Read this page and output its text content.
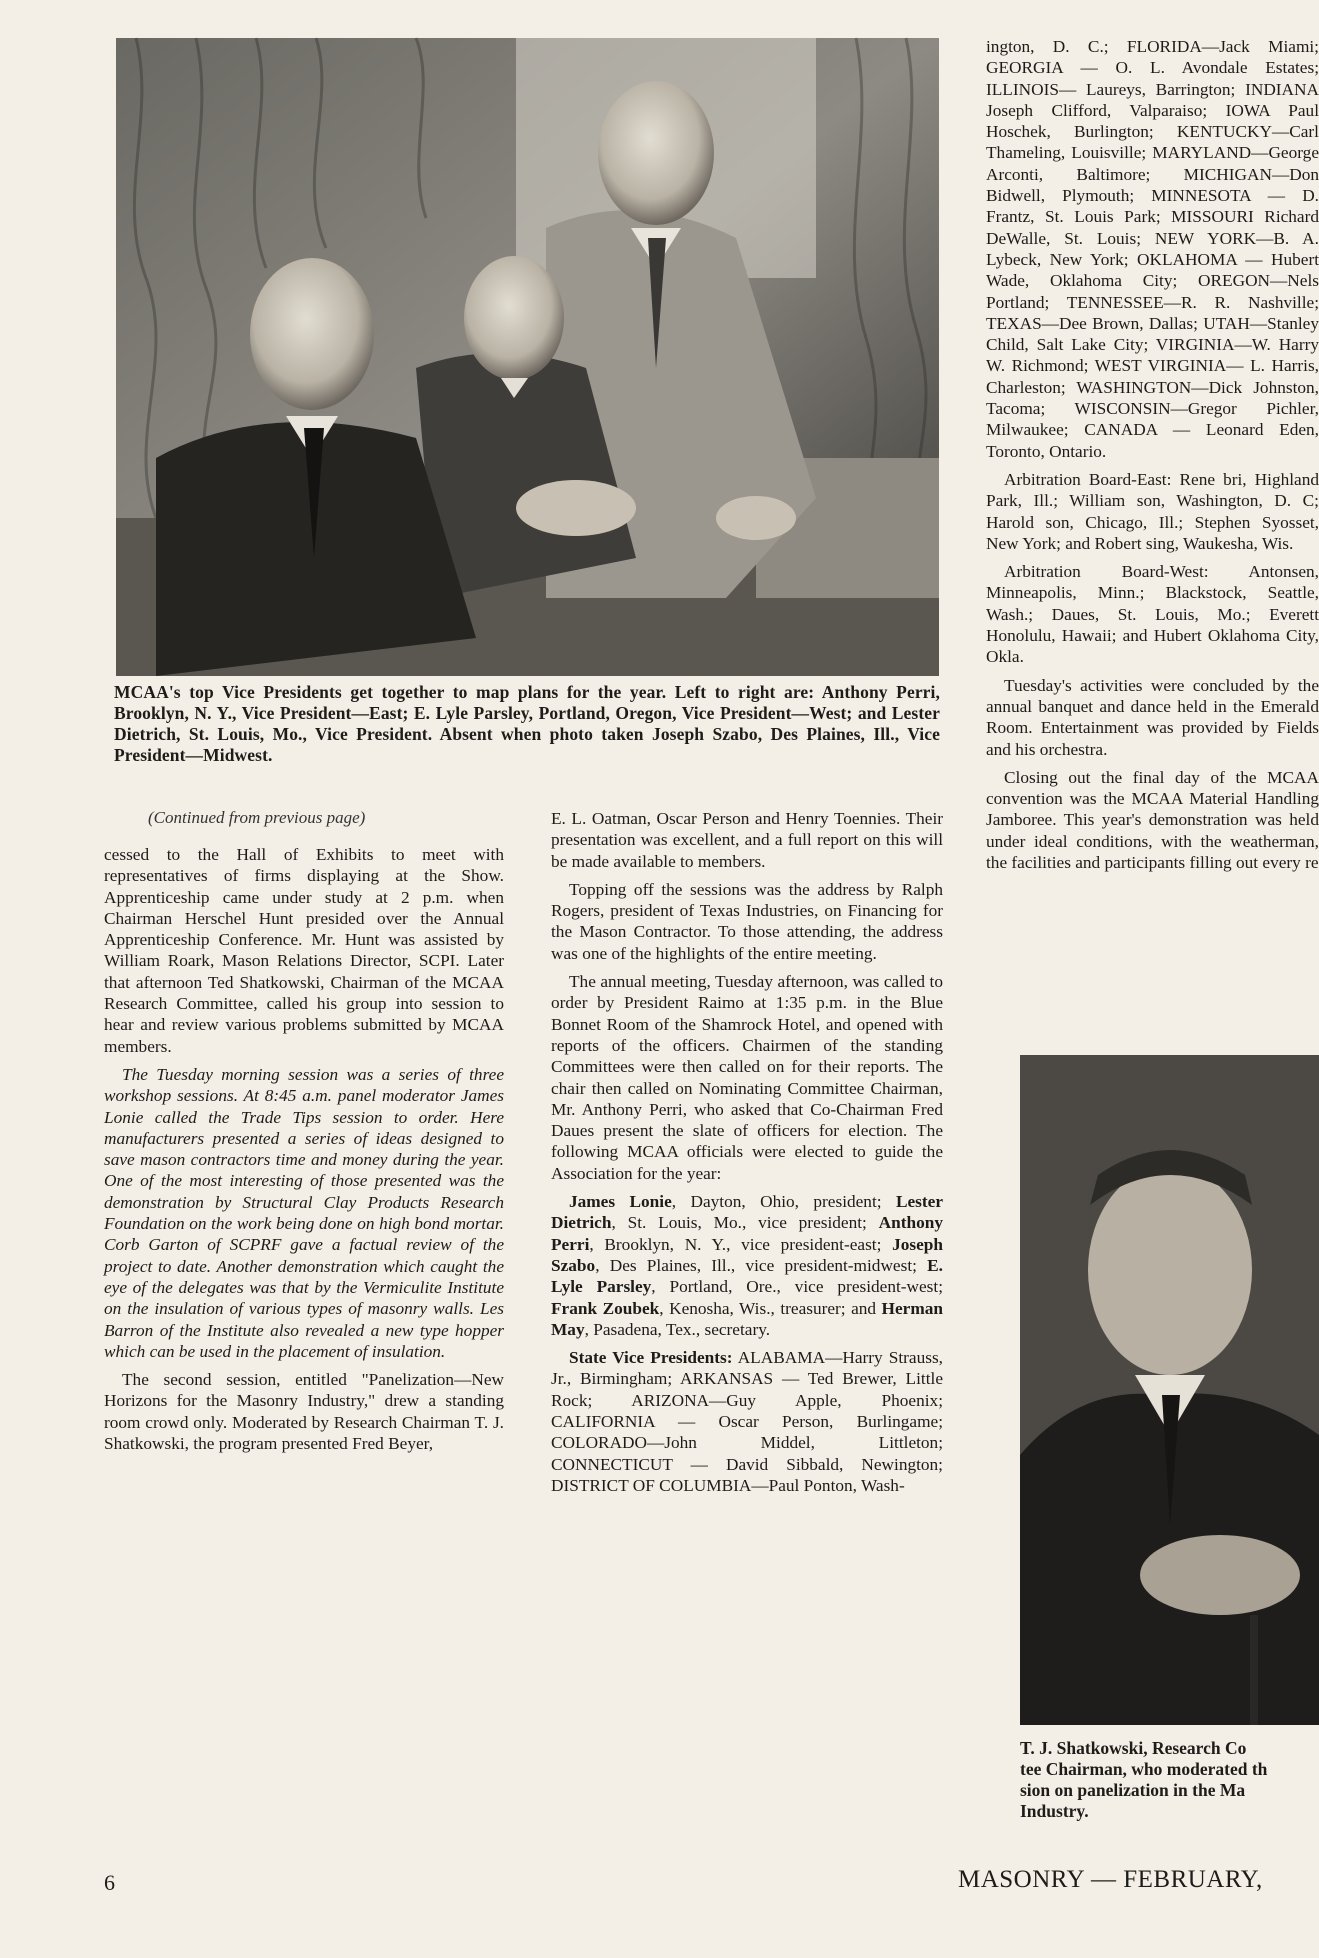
MCAA's top Vice Presidents get together to map plans for the year. Left to right are: Anthony Perri, Brooklyn, N. Y., Vice President—East; E. Lyle Parsley, Portland, Oregon, Vice President—West; and Lester Dietrich, St. Louis, Mo., Vice President. Absent when photo taken Joseph Szabo, Des Plaines, Ill., Vice President—Midwest.

(Continued from previous page)

cessed to the Hall of Exhibits to meet with representatives of firms displaying at the Show. Apprenticeship came under study at 2 p.m. when Chairman Herschel Hunt presided over the Annual Apprenticeship Conference. Mr. Hunt was assisted by William Roark, Mason Relations Director, SCPI. Later that afternoon Ted Shatkowski, Chairman of the MCAA Research Committee, called his group into session to hear and review various problems submitted by MCAA members.

The Tuesday morning session was a series of three workshop sessions. At 8:45 a.m. panel moderator James Lonie called the Trade Tips session to order. Here manufacturers presented a series of ideas designed to save mason contractors time and money during the year. One of the most interesting of those presented was the demonstration by Structural Clay Products Research Foundation on the work being done on high bond mortar. Corb Garton of SCPRF gave a factual review of the project to date. Another demonstration which caught the eye of the delegates was that by the Vermiculite Institute on the insulation of various types of masonry walls. Les Barron of the Institute also revealed a new type hopper which can be used in the placement of insulation.

The second session, entitled "Panelization—New Horizons for the Masonry Industry," drew a standing room crowd only. Moderated by Research Chairman T. J. Shatkowski, the program presented Fred Beyer,

E. L. Oatman, Oscar Person and Henry Toennies. Their presentation was excellent, and a full report on this will be made available to members.

Topping off the sessions was the address by Ralph Rogers, president of Texas Industries, on Financing for the Mason Contractor. To those attending, the address was one of the highlights of the entire meeting.

The annual meeting, Tuesday afternoon, was called to order by President Raimo at 1:35 p.m. in the Blue Bonnet Room of the Shamrock Hotel, and opened with reports of the officers. Chairmen of the standing Committees were then called on for their reports. The chair then called on Nominating Committee Chairman, Mr. Anthony Perri, who asked that Co-Chairman Fred Daues present the slate of officers for election. The following MCAA officials were elected to guide the Association for the year:

James Lonie, Dayton, Ohio, president; Lester Dietrich, St. Louis, Mo., vice president; Anthony Perri, Brooklyn, N. Y., vice president-east; Joseph Szabo, Des Plaines, Ill., vice president-midwest; E. Lyle Parsley, Portland, Ore., vice president-west; Frank Zoubek, Kenosha, Wis., treasurer; and Herman May, Pasadena, Tex., secretary.

State Vice Presidents: ALABAMA—Harry Strauss, Jr., Birmingham; ARKANSAS — Ted Brewer, Little Rock; ARIZONA—Guy Apple, Phoenix; CALIFORNIA — Oscar Person, Burlingame; COLORADO—John Middel, Littleton; CONNECTICUT — David Sibbald, Newington; DISTRICT OF COLUMBIA—Paul Ponton, Wash-

ington, D. C.; FLORIDA—Jack Miami; GEORGIA — O. L. Avondale Estates; ILLINOIS— Laureys, Barrington; INDIANA Joseph Clifford, Valparaiso; IOWA Paul Hoschek, Burlington; KENTUCKY—Carl Thameling, Louisville; MARYLAND—George Arconti, Baltimore; MICHIGAN—Don Bidwell, Plymouth; MINNESOTA — D. Frantz, St. Louis Park; MISSOURI Richard DeWalle, St. Louis; NEW YORK—B. A. Lybeck, New York; OKLAHOMA — Hubert Wade, Oklahoma City; OREGON—Nels Portland; TENNESSEE—R. R. Nashville; TEXAS—Dee Brown, Dallas; UTAH—Stanley Child, Salt Lake City; VIRGINIA—W. Harry W. Richmond; WEST VIRGINIA— L. Harris, Charleston; WASHINGTON—Dick Johnston, Tacoma; WISCONSIN—Gregor Pichler, Milwaukee; CANADA — Leonard Eden, Toronto, Ontario.

Arbitration Board-East: Rene bri, Highland Park, Ill.; William son, Washington, D. C; Harold son, Chicago, Ill.; Stephen Syosset, New York; and Robert sing, Waukesha, Wis.

Arbitration Board-West: Antonsen, Minneapolis, Minn.; Blackstock, Seattle, Wash.; Daues, St. Louis, Mo.; Everett Honolulu, Hawaii; and Hubert Oklahoma City, Okla.

Tuesday's activities were concluded by the annual banquet and dance held in the Emerald Room. Entertainment was provided by Fields and his orchestra.

Closing out the final day of the MCAA convention was the MCAA Material Handling Jamboree. This year's demonstration was held under ideal conditions, with the weatherman, the facilities and participants filling out every re

T. J. Shatkowski, Research Co
tee Chairman, who moderated th
sion on panelization in the Ma
Industry.
6	MASONRY — FEBRUARY,
